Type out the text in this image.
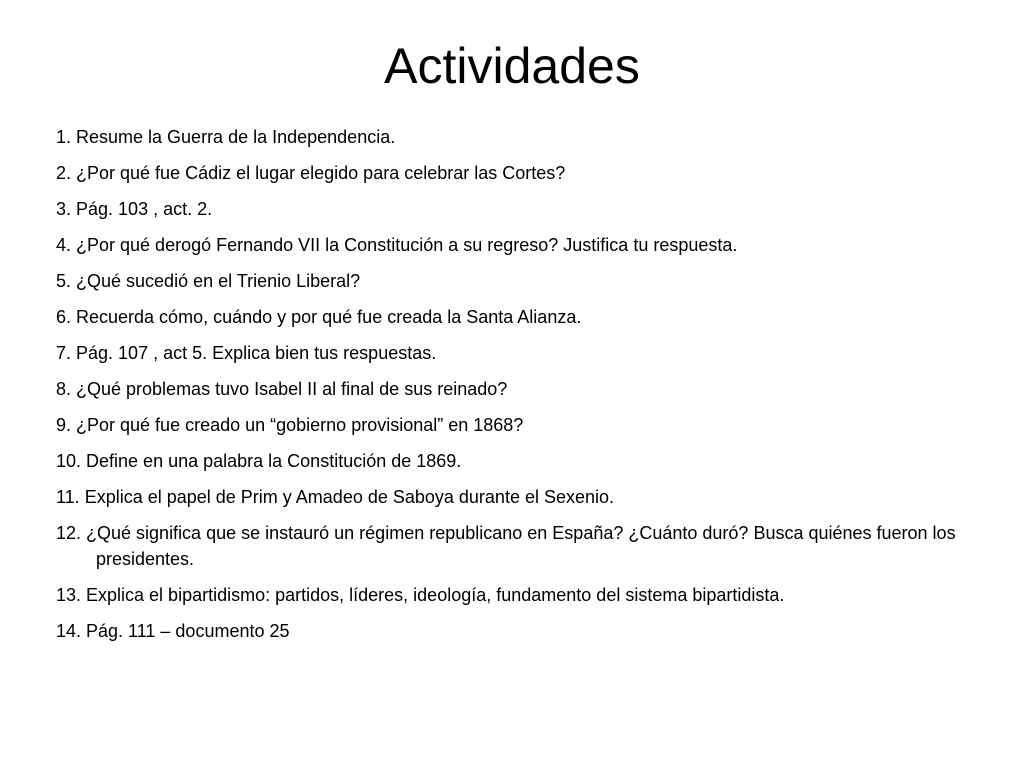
Actividades
1. Resume la Guerra de la Independencia.
2. ¿Por qué fue Cádiz el lugar elegido para celebrar las Cortes?
3. Pág. 103 , act. 2.
4. ¿Por qué derogó Fernando VII la Constitución a su regreso? Justifica tu respuesta.
5. ¿Qué sucedió en el Trienio Liberal?
6. Recuerda cómo, cuándo y por qué fue creada la Santa Alianza.
7. Pág. 107 , act 5. Explica bien tus respuestas.
8. ¿Qué problemas tuvo Isabel II al final de sus reinado?
9. ¿Por qué fue creado un “gobierno provisional” en 1868?
10. Define en una palabra la Constitución de 1869.
11. Explica el papel de Prim y Amadeo de Saboya durante el Sexenio.
12. ¿Qué significa que se instauró un régimen republicano en España? ¿Cuánto duró? Busca quiénes fueron los presidentes.
13. Explica el bipartidismo: partidos, líderes, ideología, fundamento del sistema bipartidista.
14. Pág. 111 – documento 25
